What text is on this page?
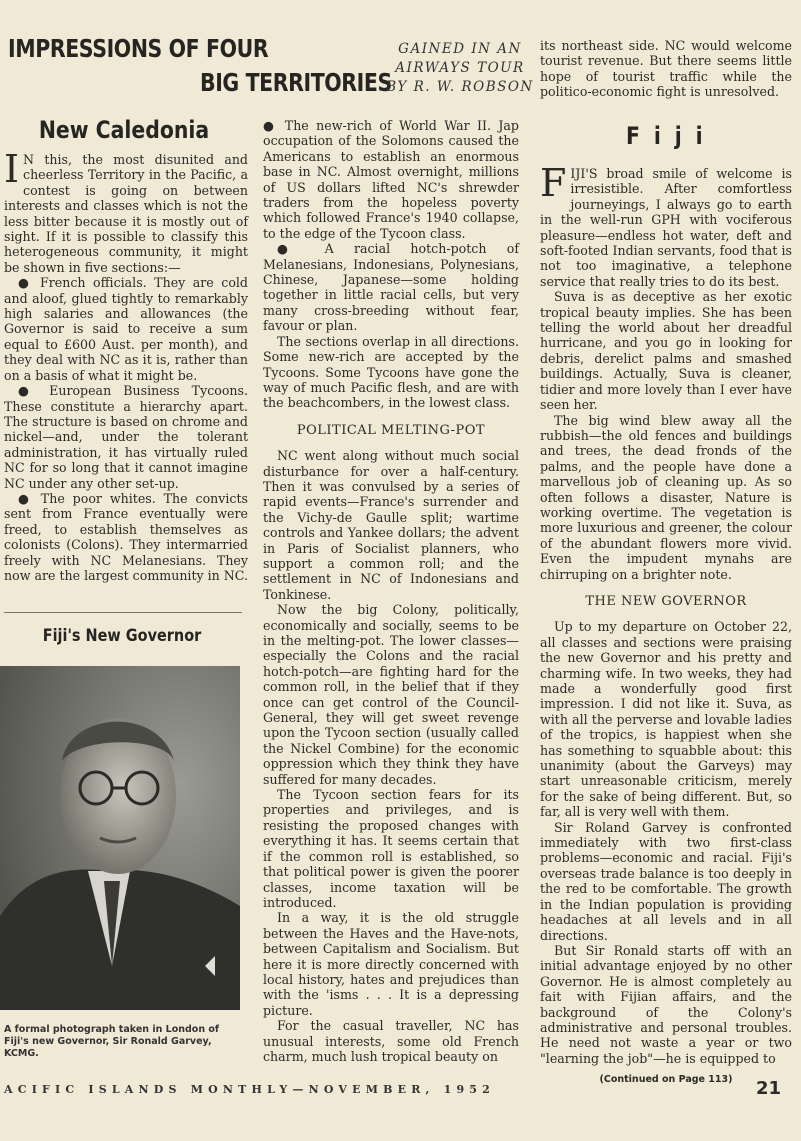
IMPRESSIONS OF FOUR
BIG TERRITORIES
GAINED IN AN
AIRWAYS TOUR
BY R. W. ROBSON
New Caledonia

I N this, the most disunited and cheerless Territory in the Pacific, a contest is going on between interests and classes which is not the less bitter because it is mostly out of sight. If it is possible to classify this heterogeneous community, it might be shown in five sections:—

● French officials. They are cold and aloof, glued tightly to remarkably high salaries and allowances (the Governor is said to receive a sum equal to £600 Aust. per month), and they deal with NC as it is, rather than on a basis of what it might be.

● European Business Tycoons. These constitute a hierarchy apart. The structure is based on chrome and nickel—and, under the tolerant administration, it has virtually ruled NC for so long that it cannot imagine NC under any other set-up.

● The poor whites. The convicts sent from France eventually were freed, to establish themselves as colonists (Colons). They intermarried freely with NC Melanesians. They now are the largest community in NC.

Fiji's New Governor
A formal photograph taken in London of Fiji's new Governor, Sir Ronald Garvey, KCMG.

● The new-rich of World War II. Jap occupation of the Solomons caused the Americans to establish an enormous base in NC. Almost overnight, millions of US dollars lifted NC's shrewder traders from the hopeless poverty which followed France's 1940 collapse, to the edge of the Tycoon class.

● A racial hotch-potch of Melanesians, Indonesians, Polynesians, Chinese, Japanese—some holding together in little racial cells, but very many cross-breeding without fear, favour or plan.

The sections overlap in all directions. Some new-rich are accepted by the Tycoons. Some Tycoons have gone the way of much Pacific flesh, and are with the beachcombers, in the lowest class.

POLITICAL MELTING-POT

NC went along without much social disturbance for over a half-century. Then it was convulsed by a series of rapid events—France's surrender and the Vichy-de Gaulle split; wartime controls and Yankee dollars; the advent in Paris of Socialist planners, who support a common roll; and the settlement in NC of Indonesians and Tonkinese.

Now the big Colony, politically, economically and socially, seems to be in the melting-pot. The lower classes—especially the Colons and the racial hotch-potch—are fighting hard for the common roll, in the belief that if they once can get control of the Council-General, they will get sweet revenge upon the Tycoon section (usually called the Nickel Combine) for the economic oppression which they think they have suffered for many decades.

The Tycoon section fears for its properties and privileges, and is resisting the proposed changes with everything it has. It seems certain that if the common roll is established, so that political power is given the poorer classes, income taxation will be introduced.

In a way, it is the old struggle between the Haves and the Have-nots, between Capitalism and Socialism. But here it is more directly concerned with local history, hates and prejudices than with the 'isms . . . It is a depressing picture.

For the casual traveller, NC has unusual interests, some old French charm, much lush tropical beauty on

its northeast side. NC would welcome tourist revenue. But there seems little hope of tourist traffic while the politico-economic fight is unresolved.

F i j i

FIJI'S broad smile of welcome is irresistible. After comfortless journeyings, I always go to earth in the well-run GPH with vociferous pleasure—endless hot water, deft and soft-footed Indian servants, food that is not too imaginative, a telephone service that really tries to do its best.

Suva is as deceptive as her exotic tropical beauty implies. She has been telling the world about her dreadful hurricane, and you go in looking for debris, derelict palms and smashed buildings. Actually, Suva is cleaner, tidier and more lovely than I ever have seen her.

The big wind blew away all the rubbish—the old fences and buildings and trees, the dead fronds of the palms, and the people have done a marvellous job of cleaning up. As so often follows a disaster, Nature is working overtime. The vegetation is more luxurious and greener, the colour of the abundant flowers more vivid. Even the impudent mynahs are chirruping on a brighter note.

THE NEW GOVERNOR

Up to my departure on October 22, all classes and sections were praising the new Governor and his pretty and charming wife. In two weeks, they had made a wonderfully good first impression. I did not like it. Suva, as with all the perverse and lovable ladies of the tropics, is happiest when she has something to squabble about: this unanimity (about the Garveys) may start unreasonable criticism, merely for the sake of being different. But, so far, all is very well with them.

Sir Roland Garvey is confronted immediately with two first-class problems—economic and racial. Fiji's overseas trade balance is too deeply in the red to be comfortable. The growth in the Indian population is providing headaches at all levels and in all directions.

But Sir Ronald starts off with an initial advantage enjoyed by no other Governor. He is almost completely au fait with Fijian affairs, and the background of the Colony's administrative and personal troubles. He need not waste a year or two "learning the job"—he is equipped to

(Continued on Page 113)
ACIFIC ISLANDS MONTHLY—NOVEMBER, 1952	21
